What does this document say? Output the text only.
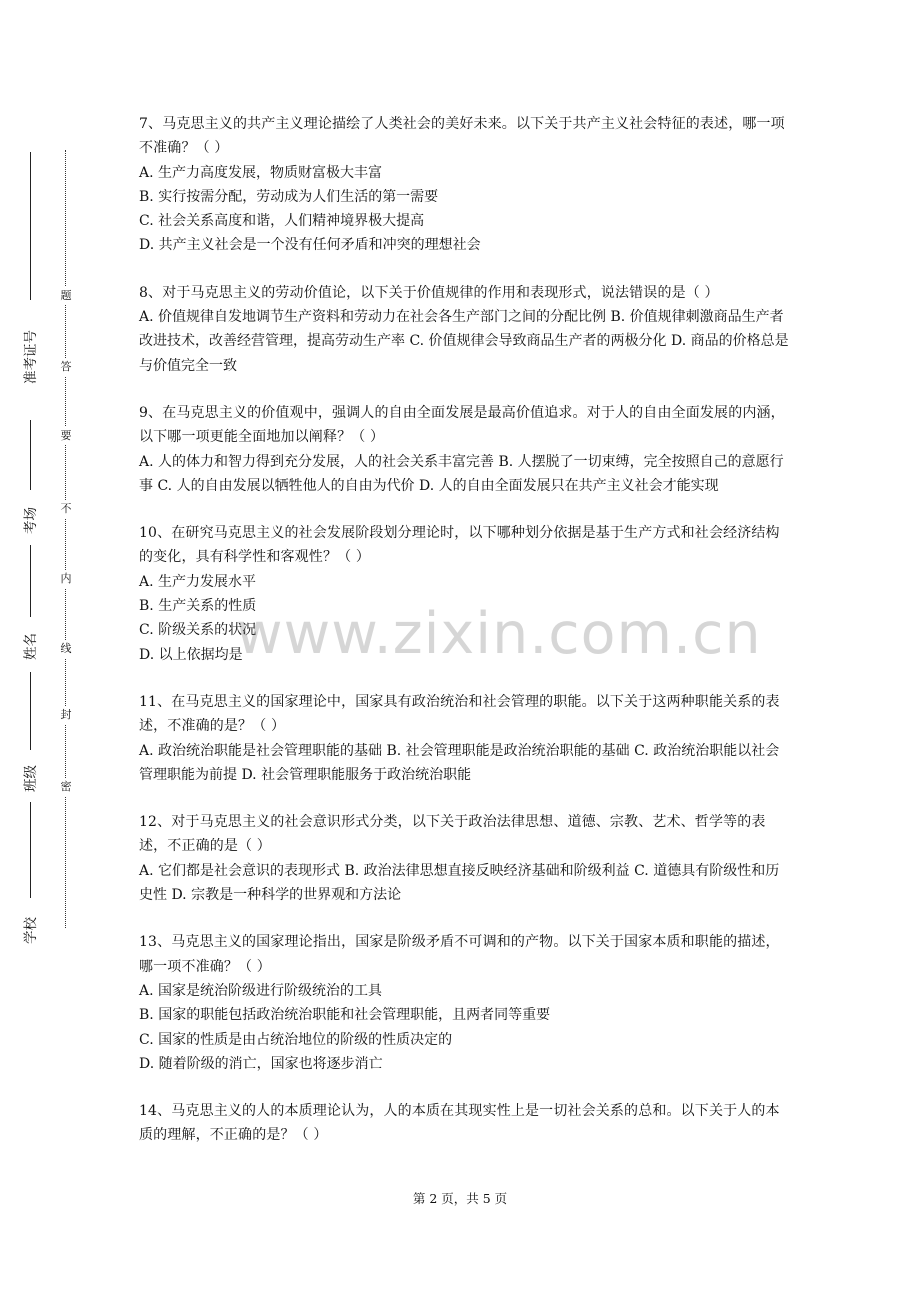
准考证号
考场
姓名
班级
学校
题
答
要
不
内
线
封
密
www.zixin.com.cn

7、马克思主义的共产主义理论描绘了人类社会的美好未来。以下关于共产主义社会特征的表述，哪一项不准确？（ ）

A. 生产力高度发展，物质财富极大丰富

B. 实行按需分配，劳动成为人们生活的第一需要

C. 社会关系高度和谐，人们精神境界极大提高

D. 共产主义社会是一个没有任何矛盾和冲突的理想社会

8、对于马克思主义的劳动价值论，以下关于价值规律的作用和表现形式，说法错误的是（ ）

A. 价值规律自发地调节生产资料和劳动力在社会各生产部门之间的分配比例 B. 价值规律刺激商品生产者改进技术，改善经营管理，提高劳动生产率 C. 价值规律会导致商品生产者的两极分化 D. 商品的价格总是与价值完全一致

9、在马克思主义的价值观中，强调人的自由全面发展是最高价值追求。对于人的自由全面发展的内涵，以下哪一项更能全面地加以阐释？（ ）

A. 人的体力和智力得到充分发展，人的社会关系丰富完善 B. 人摆脱了一切束缚，完全按照自己的意愿行事 C. 人的自由发展以牺牲他人的自由为代价 D. 人的自由全面发展只在共产主义社会才能实现

10、在研究马克思主义的社会发展阶段划分理论时，以下哪种划分依据是基于生产方式和社会经济结构的变化，具有科学性和客观性？（ ）

A. 生产力发展水平

B. 生产关系的性质

C. 阶级关系的状况

D. 以上依据均是

11、在马克思主义的国家理论中，国家具有政治统治和社会管理的职能。以下关于这两种职能关系的表述，不准确的是？（ ）

A. 政治统治职能是社会管理职能的基础 B. 社会管理职能是政治统治职能的基础 C. 政治统治职能以社会管理职能为前提 D. 社会管理职能服务于政治统治职能

12、对于马克思主义的社会意识形式分类，以下关于政治法律思想、道德、宗教、艺术、哲学等的表述，不正确的是（ ）

A. 它们都是社会意识的表现形式 B. 政治法律思想直接反映经济基础和阶级利益 C. 道德具有阶级性和历史性 D. 宗教是一种科学的世界观和方法论

13、马克思主义的国家理论指出，国家是阶级矛盾不可调和的产物。以下关于国家本质和职能的描述，哪一项不准确？（ ）

A. 国家是统治阶级进行阶级统治的工具

B. 国家的职能包括政治统治职能和社会管理职能，且两者同等重要

C. 国家的性质是由占统治地位的阶级的性质决定的

D. 随着阶级的消亡，国家也将逐步消亡

14、马克思主义的人的本质理论认为，人的本质在其现实性上是一切社会关系的总和。以下关于人的本质的理解，不正确的是？（ ）

第 2 页，共 5 页
